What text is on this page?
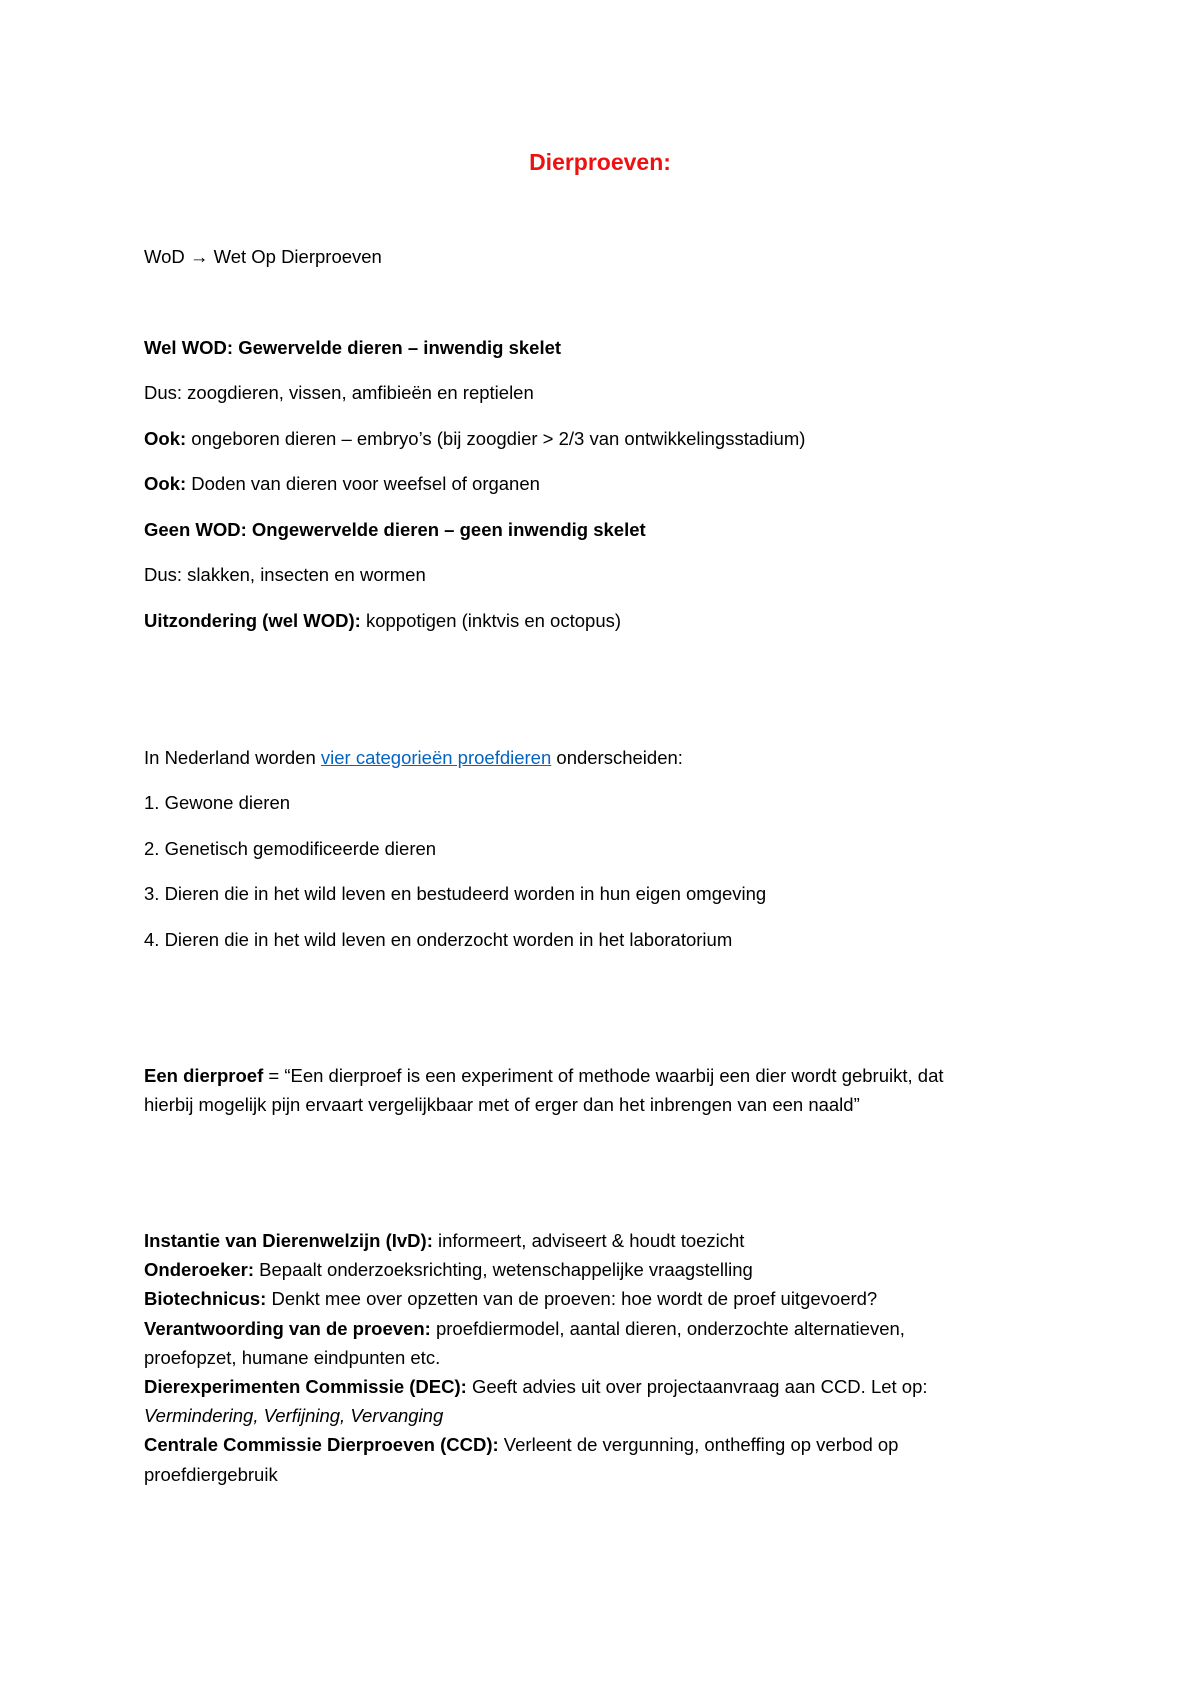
Dierproeven:
WoD → Wet Op Dierproeven
Wel WOD: Gewervelde dieren – inwendig skelet
Dus: zoogdieren, vissen, amfibieën en reptielen
Ook: ongeboren dieren – embryo’s (bij zoogdier > 2/3 van ontwikkelingsstadium)
Ook: Doden van dieren voor weefsel of organen
Geen WOD: Ongewervelde dieren – geen inwendig skelet
Dus: slakken, insecten en wormen
Uitzondering (wel WOD): koppotigen (inktvis en octopus)
In Nederland worden vier categorieën proefdieren onderscheiden:
1. Gewone dieren
2. Genetisch gemodificeerde dieren
3. Dieren die in het wild leven en bestudeerd worden in hun eigen omgeving
4. Dieren die in het wild leven en onderzocht worden in het laboratorium
Een dierproef = “Een dierproef is een experiment of methode waarbij een dier wordt gebruikt, dat
hierbij mogelijk pijn ervaart vergelijkbaar met of erger dan het inbrengen van een naald”
Instantie van Dierenwelzijn (IvD): informeert, adviseert & houdt toezicht
Onderoeker: Bepaalt onderzoeksrichting, wetenschappelijke vraagstelling
Biotechnicus: Denkt mee over opzetten van de proeven: hoe wordt de proef uitgevoerd?
Verantwoording van de proeven: proefdiermodel, aantal dieren, onderzochte alternatieven,
proefopzet, humane eindpunten etc.
Dierexperimenten Commissie (DEC): Geeft advies uit over projectaanvraag aan CCD. Let op:
Vermindering, Verfijning, Vervanging
Centrale Commissie Dierproeven (CCD): Verleent de vergunning, ontheffing op verbod op
proefdiergebruik
